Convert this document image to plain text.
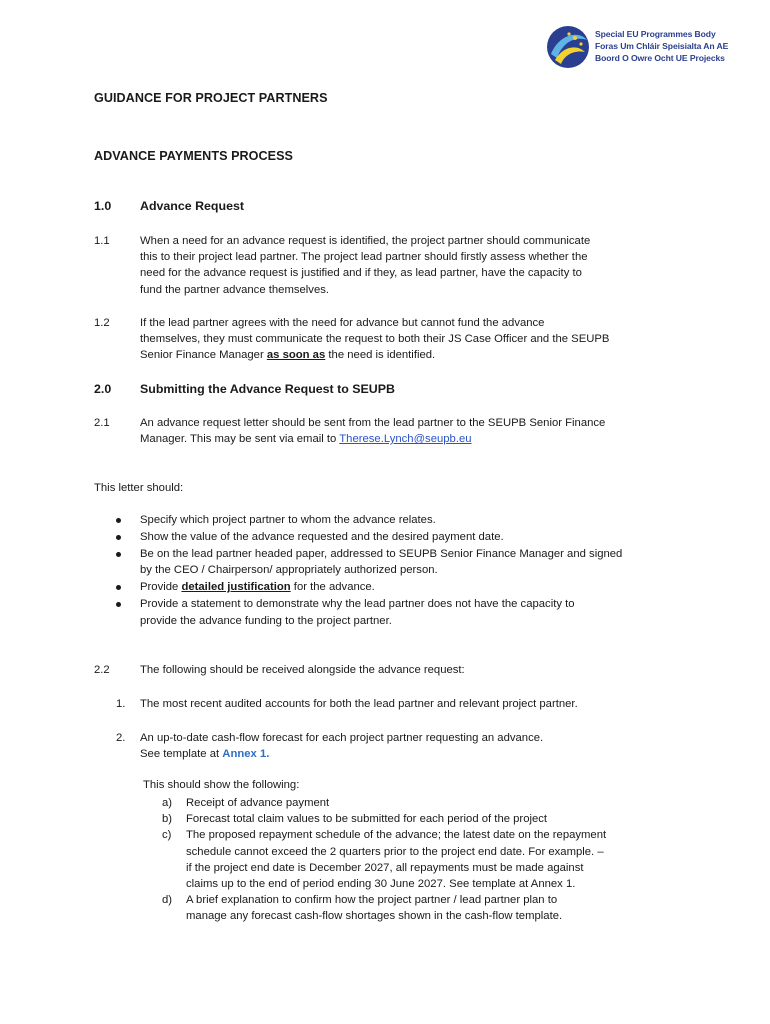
Special EU Programmes Body
Foras Um Chláir Speisialta An AE
Boord O Owre Ocht UE Projecks
GUIDANCE FOR PROJECT PARTNERS
ADVANCE PAYMENTS PROCESS
1.0 Advance Request
1.1	When a need for an advance request is identified, the project partner should communicate
this to their project lead partner. The project lead partner should firstly assess whether the
need for the advance request is justified and if they, as lead partner, have the capacity to
fund the partner advance themselves.
1.2	If the lead partner agrees with the need for advance but cannot fund the advance
themselves, they must communicate the request to both their JS Case Officer and the SEUPB
Senior Finance Manager as soon as the need is identified.
2.0 Submitting the Advance Request to SEUPB
2.1	An advance request letter should be sent from the lead partner to the SEUPB Senior Finance
Manager. This may be sent via email to Therese.Lynch@seupb.eu
This letter should:
Specify which project partner to whom the advance relates.
Show the value of the advance requested and the desired payment date.
Be on the lead partner headed paper, addressed to SEUPB Senior Finance Manager and signed
by the CEO / Chairperson/ appropriately authorized person.
Provide detailed justification for the advance.
Provide a statement to demonstrate why the lead partner does not have the capacity to
provide the advance funding to the project partner.
2.2	The following should be received alongside the advance request:
1. The most recent audited accounts for both the lead partner and relevant project partner.
2. An up-to-date cash-flow forecast for each project partner requesting an advance.
See template at Annex 1.
This should show the following:
a) Receipt of advance payment
b) Forecast total claim values to be submitted for each period of the project
c) The proposed repayment schedule of the advance; the latest date on the repayment
schedule cannot exceed the 2 quarters prior to the project end date. For example. –
if the project end date is December 2027, all repayments must be made against
claims up to the end of period ending 30 June 2027. See template at Annex 1.
d) A brief explanation to confirm how the project partner / lead partner plan to
manage any forecast cash-flow shortages shown in the cash-flow template.
